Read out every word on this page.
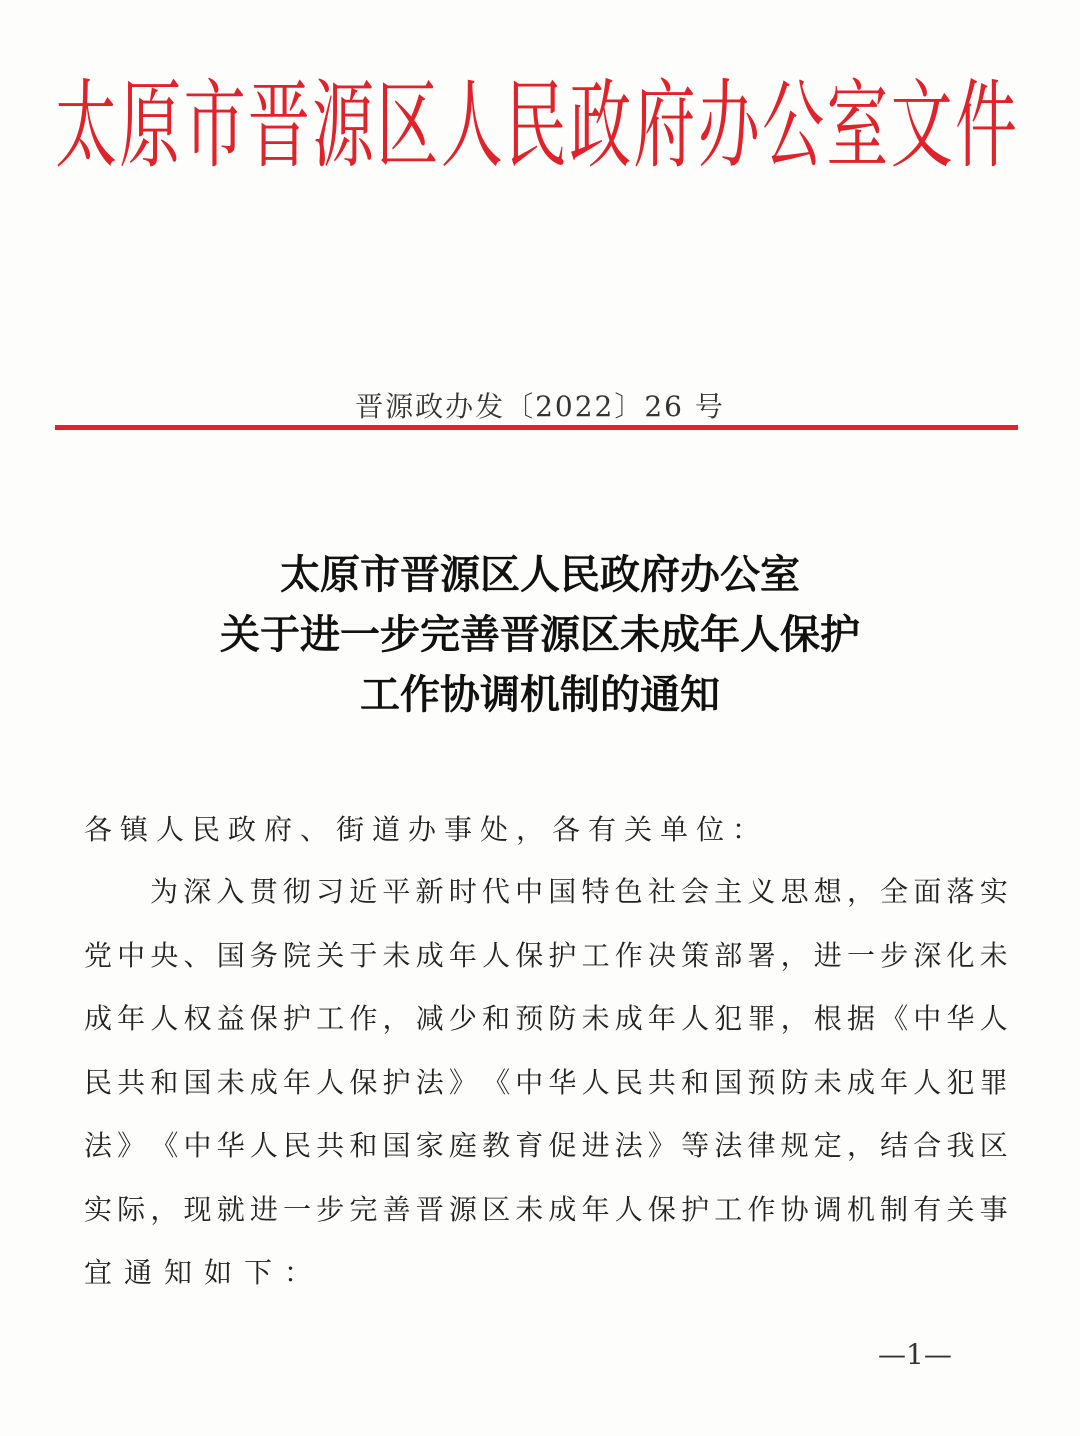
太 原 市 晋 源 区 人 民 政 府 办 公 室 文 件
晋源政办发〔2022〕26 号
太原市晋源区人民政府办公室
关于进一步完善晋源区未成年人保护
工作协调机制的通知
各镇人民政府、街道办事处，各有关单位：
为 深 入 贯 彻 习 近 平 新 时 代 中 国 特 色 社 会 主 义 思 想 ， 全 面 落 实
党 中 央 、 国 务 院 关 于 未 成 年 人 保 护 工 作 决 策 部 署 ， 进 一 步 深 化 未
成 年 人 权 益 保 护 工 作 ， 减 少 和 预 防 未 成 年 人 犯 罪 ， 根 据 《 中 华 人
民 共 和 国 未 成 年 人 保 护 法 》 《 中 华 人 民 共 和 国 预 防 未 成 年 人 犯 罪
法 》 《 中 华 人 民 共 和 国 家 庭 教 育 促 进 法 》 等 法 律 规 定 ， 结 合 我 区
实 际 ， 现 就 进 一 步 完 善 晋 源 区 未 成 年 人 保 护 工 作 协 调 机 制 有 关 事
宜通知如下：
—1—
